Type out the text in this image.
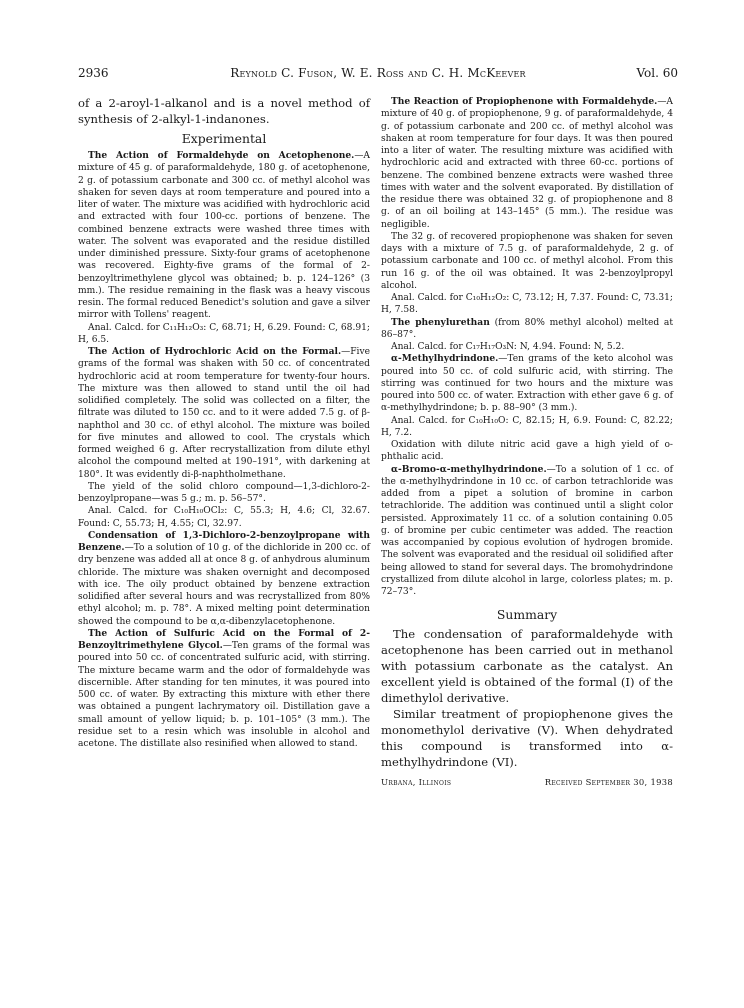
2936	Reynold C. Fuson, W. E. Ross and C. H. McKeever	Vol. 60

of a 2-aroyl-1-alkanol and is a novel method of synthesis of 2-alkyl-1-indanones.

Experimental

The Action of Formaldehyde on Acetophenone.—A mixture of 45 g. of paraformaldehyde, 180 g. of acetophenone, 2 g. of potassium carbonate and 300 cc. of methyl alcohol was shaken for seven days at room temperature and poured into a liter of water. The mixture was acidified with hydrochloric acid and extracted with four 100-cc. portions of benzene. The combined benzene extracts were washed three times with water. The solvent was evaporated and the residue distilled under diminished pressure. Sixty-four grams of acetophenone was recovered. Eighty-five grams of the formal of 2-benzoyltrimethylene glycol was obtained; b. p. 124–126° (3 mm.). The residue remaining in the flask was a heavy viscous resin. The formal reduced Benedict's solution and gave a silver mirror with Tollens' reagent.

Anal. Calcd. for C₁₁H₁₂O₃: C, 68.71; H, 6.29. Found: C, 68.91; H, 6.5.

The Action of Hydrochloric Acid on the Formal.—Five grams of the formal was shaken with 50 cc. of concentrated hydrochloric acid at room temperature for twenty-four hours. The mixture was then allowed to stand until the oil had solidified completely. The solid was collected on a filter, the filtrate was diluted to 150 cc. and to it were added 7.5 g. of β-naphthol and 30 cc. of ethyl alcohol. The mixture was boiled for five minutes and allowed to cool. The crystals which formed weighed 6 g. After recrystallization from dilute ethyl alcohol the compound melted at 190–191°, with darkening at 180°. It was evidently di-β-naphtholmethane.

The yield of the solid chloro compound—1,3-dichloro-2-benzoylpropane—was 5 g.; m. p. 56–57°.

Anal. Calcd. for C₁₀H₁₀OCl₂: C, 55.3; H, 4.6; Cl, 32.67. Found: C, 55.73; H, 4.55; Cl, 32.97.

Condensation of 1,3-Dichloro-2-benzoylpropane with Benzene.—To a solution of 10 g. of the dichloride in 200 cc. of dry benzene was added all at once 8 g. of anhydrous aluminum chloride. The mixture was shaken overnight and decomposed with ice. The oily product obtained by benzene extraction solidified after several hours and was recrystallized from 80% ethyl alcohol; m. p. 78°. A mixed melting point determination showed the compound to be α,α-dibenzylacetophenone.

The Action of Sulfuric Acid on the Formal of 2-Benzoyltrimethylene Glycol.—Ten grams of the formal was poured into 50 cc. of concentrated sulfuric acid, with stirring. The mixture became warm and the odor of formaldehyde was discernible. After standing for ten minutes, it was poured into 500 cc. of water. By extracting this mixture with ether there was obtained a pungent lachrymatory oil. Distillation gave a small amount of yellow liquid; b. p. 101–105° (3 mm.). The residue set to a resin which was insoluble in alcohol and acetone. The distillate also resinified when allowed to stand.

The Reaction of Propiophenone with Formaldehyde.—A mixture of 40 g. of propiophenone, 9 g. of paraformaldehyde, 4 g. of potassium carbonate and 200 cc. of methyl alcohol was shaken at room temperature for four days. It was then poured into a liter of water. The resulting mixture was acidified with hydrochloric acid and extracted with three 60-cc. portions of benzene. The combined benzene extracts were washed three times with water and the solvent evaporated. By distillation of the residue there was obtained 32 g. of propiophenone and 8 g. of an oil boiling at 143–145° (5 mm.). The residue was negligible.

The 32 g. of recovered propiophenone was shaken for seven days with a mixture of 7.5 g. of paraformaldehyde, 2 g. of potassium carbonate and 100 cc. of methyl alcohol. From this run 16 g. of the oil was obtained. It was 2-benzoylpropyl alcohol.

Anal. Calcd. for C₁₀H₁₂O₂: C, 73.12; H, 7.37. Found: C, 73.31; H, 7.58.

The phenylurethan (from 80% methyl alcohol) melted at 86–87°.

Anal. Calcd. for C₁₇H₁₇O₃N: N, 4.94. Found: N, 5.2.

α-Methylhydrindone.—Ten grams of the keto alcohol was poured into 50 cc. of cold sulfuric acid, with stirring. The stirring was continued for two hours and the mixture was poured into 500 cc. of water. Extraction with ether gave 6 g. of α-methylhydrindone; b. p. 88–90° (3 mm.).

Anal. Calcd. for C₁₀H₁₀O: C, 82.15; H, 6.9. Found: C, 82.22; H, 7.2.

Oxidation with dilute nitric acid gave a high yield of o-phthalic acid.

α-Bromo-α-methylhydrindone.—To a solution of 1 cc. of the α-methylhydrindone in 10 cc. of carbon tetrachloride was added from a pipet a solution of bromine in carbon tetrachloride. The addition was continued until a slight color persisted. Approximately 11 cc. of a solution containing 0.05 g. of bromine per cubic centimeter was added. The reaction was accompanied by copious evolution of hydrogen bromide. The solvent was evaporated and the residual oil solidified after being allowed to stand for several days. The bromohydrindone crystallized from dilute alcohol in large, colorless plates; m. p. 72–73°.

Summary

The condensation of paraformaldehyde with acetophenone has been carried out in methanol with potassium carbonate as the catalyst. An excellent yield is obtained of the formal (I) of the dimethylol derivative.

Similar treatment of propiophenone gives the monomethylol derivative (V). When dehydrated this compound is transformed into α-methylhydrindone (VI).

Urbana, Illinois	Received September 30, 1938
